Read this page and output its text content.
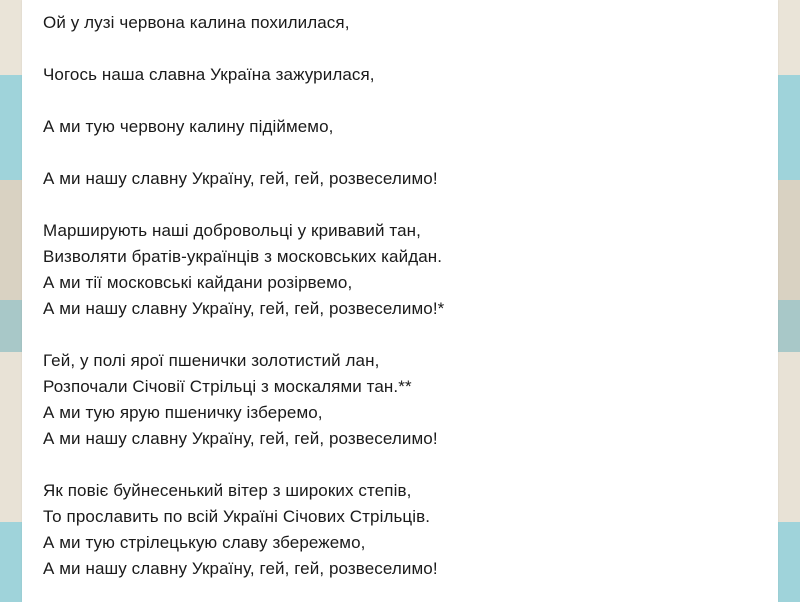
Ой у лузі червона калина похилилася,
Чогось наша славна Україна зажурилася,
А ми тую червону калину підіймемо,
А ми нашу славну Україну, гей, гей, розвеселимо!
Марширують наші добровольці у кривавий тан,
Визволяти братів-українців з московських кайдан.
А ми тії московські кайдани розірвемо,
А ми нашу славну Україну, гей, гей, розвеселимо!*
Гей, у полі ярої пшенички золотистий лан,
Розпочали Січовії Стрільці з москалями тан.**
А ми тую ярую пшеничку ізберемо,
А ми нашу славну Україну, гей, гей, розвеселимо!
Як повіє буйнесенький вітер з широких степів,
То прославить по всій Україні Січових Стрільців.
А ми тую стрілецькую славу збережемо,
А ми нашу славну Україну, гей, гей, розвеселимо!
